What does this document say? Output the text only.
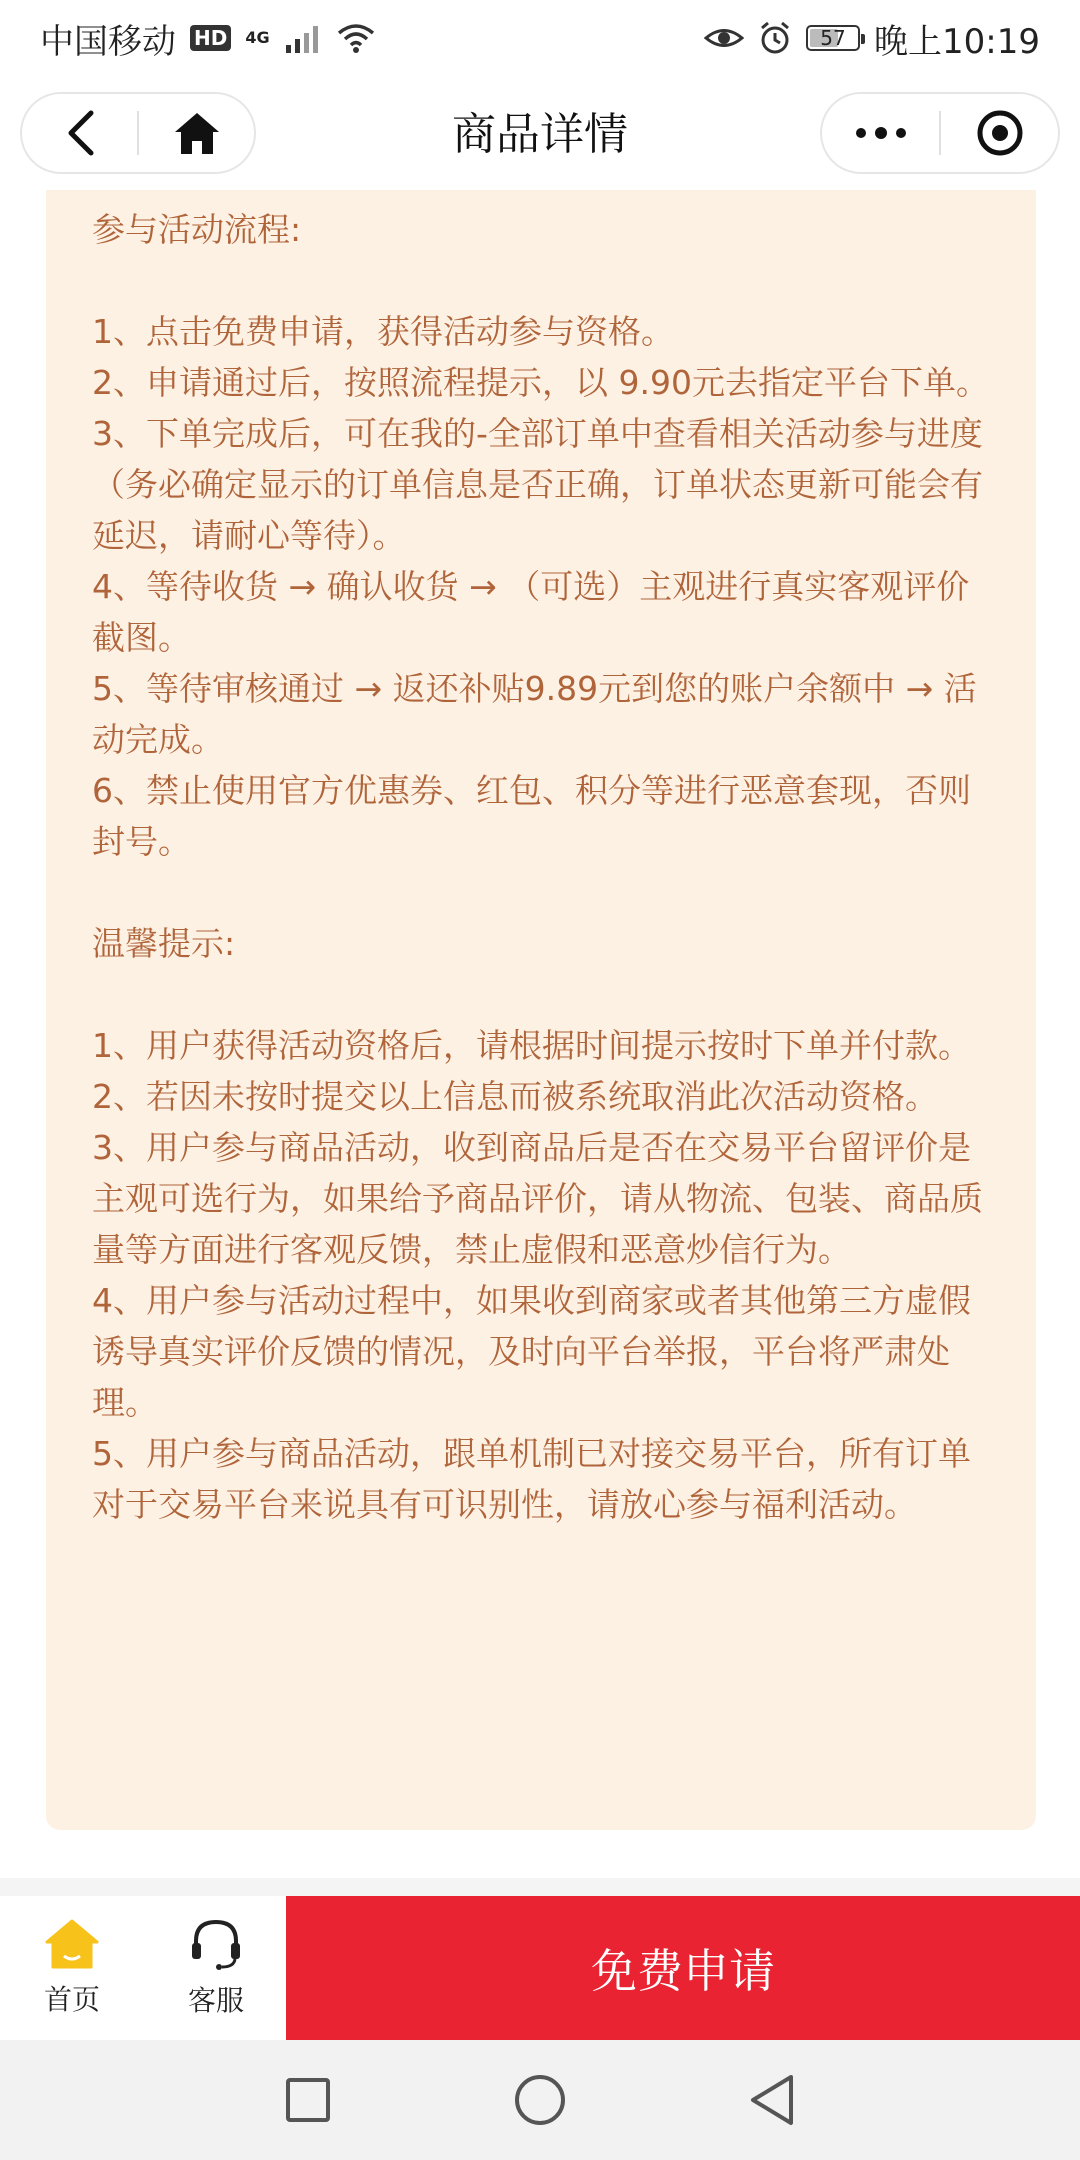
中国移动 HD 4G	57 晚上10:19
商品详情

参与活动流程:

1、点击免费申请，获得活动参与资格。

2、申请通过后，按照流程提示，以 9.90元去指定平台下单。

3、下单完成后，可在我的-全部订单中查看相关活动参与进度（务必确定显示的订单信息是否正确，订单状态更新可能会有延迟，请耐心等待）。

4、等待收货 → 确认收货 → （可选）主观进行真实客观评价截图。

5、等待审核通过 → 返还补贴9.89元到您的账户余额中 → 活动完成。

6、禁止使用官方优惠券、红包、积分等进行恶意套现，否则封号。

温馨提示:

1、用户获得活动资格后，请根据时间提示按时下单并付款。

2、若因未按时提交以上信息而被系统取消此次活动资格。

3、用户参与商品活动，收到商品后是否在交易平台留评价是主观可选行为，如果给予商品评价，请从物流、包装、商品质量等方面进行客观反馈，禁止虚假和恶意炒信行为。

4、用户参与活动过程中，如果收到商家或者其他第三方虚假诱导真实评价反馈的情况，及时向平台举报，平台将严肃处理。

5、用户参与商品活动，跟单机制已对接交易平台，所有订单对于交易平台来说具有可识别性，请放心参与福利活动。

首页	客服
免费申请
